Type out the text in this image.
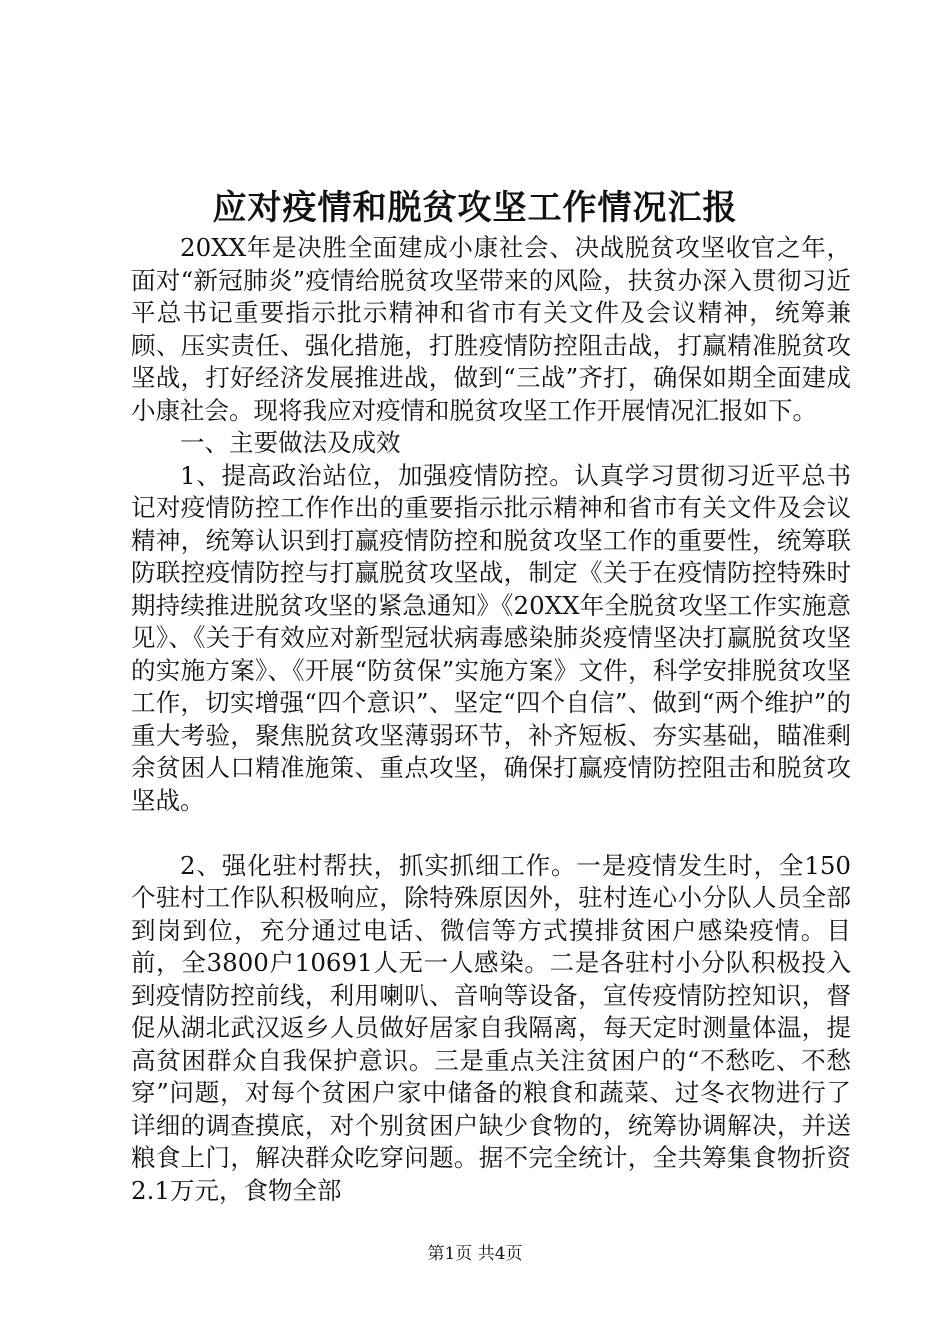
应对疫情和脱贫攻坚工作情况汇报

20XX年是决胜全面建成小康社会、决战脱贫攻坚收官之年，面对“新冠肺炎”疫情给脱贫攻坚带来的风险，扶贫办深入贯彻习近平总书记重要指示批示精神和省市有关文件及会议精神，统筹兼顾、压实责任、强化措施，打胜疫情防控阻击战，打赢精准脱贫攻坚战，打好经济发展推进战，做到“三战”齐打，确保如期全面建成小康社会。现将我应对疫情和脱贫攻坚工作开展情况汇报如下。

一、主要做法及成效

1、提高政治站位，加强疫情防控。认真学习贯彻习近平总书记对疫情防控工作作出的重要指示批示精神和省市有关文件及会议精神，统筹认识到打赢疫情防控和脱贫攻坚工作的重要性，统筹联防联控疫情防控与打赢脱贫攻坚战，制定《关于在疫情防控特殊时期持续推进脱贫攻坚的紧急通知》《20XX年全脱贫攻坚工作实施意见》、《关于有效应对新型冠状病毒感染肺炎疫情坚决打赢脱贫攻坚的实施方案》、《开展“防贫保”实施方案》文件，科学安排脱贫攻坚工作，切实增强“四个意识”、坚定“四个自信”、做到“两个维护”的重大考验，聚焦脱贫攻坚薄弱环节，补齐短板、夯实基础，瞄准剩余贫困人口精准施策、重点攻坚，确保打赢疫情防控阻击和脱贫攻坚战。

2、强化驻村帮扶，抓实抓细工作。一是疫情发生时，全150个驻村工作队积极响应，除特殊原因外，驻村连心小分队人员全部到岗到位，充分通过电话、微信等方式摸排贫困户感染疫情。目前，全3800户10691人无一人感染。二是各驻村小分队积极投入到疫情防控前线，利用喇叭、音响等设备，宣传疫情防控知识，督促从湖北武汉返乡人员做好居家自我隔离，每天定时测量体温，提高贫困群众自我保护意识。三是重点关注贫困户的“不愁吃、不愁穿”问题，对每个贫困户家中储备的粮食和蔬菜、过冬衣物进行了详细的调查摸底，对个别贫困户缺少食物的，统筹协调解决，并送粮食上门，解决群众吃穿问题。据不完全统计，全共筹集食物折资2.1万元，食物全部

第1页 共4页
